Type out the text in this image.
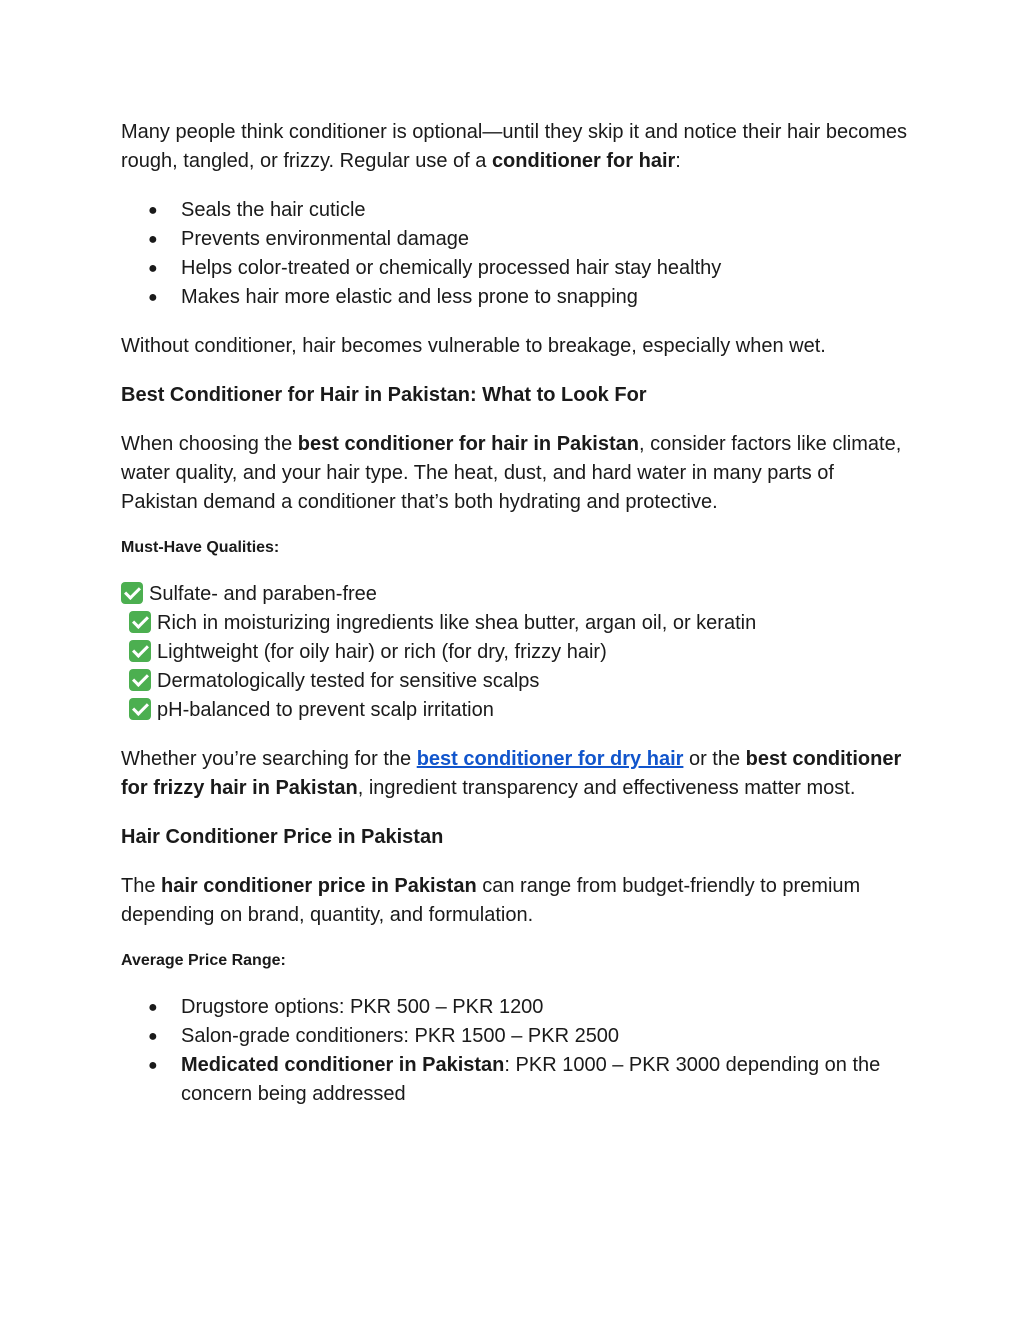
Many people think conditioner is optional—until they skip it and notice their hair becomes rough, tangled, or frizzy. Regular use of a conditioner for hair:

● Seals the hair cuticle
● Prevents environmental damage
● Helps color-treated or chemically processed hair stay healthy
● Makes hair more elastic and less prone to snapping

Without conditioner, hair becomes vulnerable to breakage, especially when wet.

Best Conditioner for Hair in Pakistan: What to Look For

When choosing the best conditioner for hair in Pakistan, consider factors like climate, water quality, and your hair type. The heat, dust, and hard water in many parts of Pakistan demand a conditioner that’s both hydrating and protective.

Must-Have Qualities:

Sulfate- and paraben-free
Rich in moisturizing ingredients like shea butter, argan oil, or keratin
Lightweight (for oily hair) or rich (for dry, frizzy hair)
Dermatologically tested for sensitive scalps
pH-balanced to prevent scalp irritation

Whether you’re searching for the best conditioner for dry hair or the best conditioner for frizzy hair in Pakistan, ingredient transparency and effectiveness matter most.

Hair Conditioner Price in Pakistan

The hair conditioner price in Pakistan can range from budget-friendly to premium depending on brand, quantity, and formulation.

Average Price Range:

● Drugstore options: PKR 500 – PKR 1200
● Salon-grade conditioners: PKR 1500 – PKR 2500
● Medicated conditioner in Pakistan: PKR 1000 – PKR 3000 depending on the concern being addressed
